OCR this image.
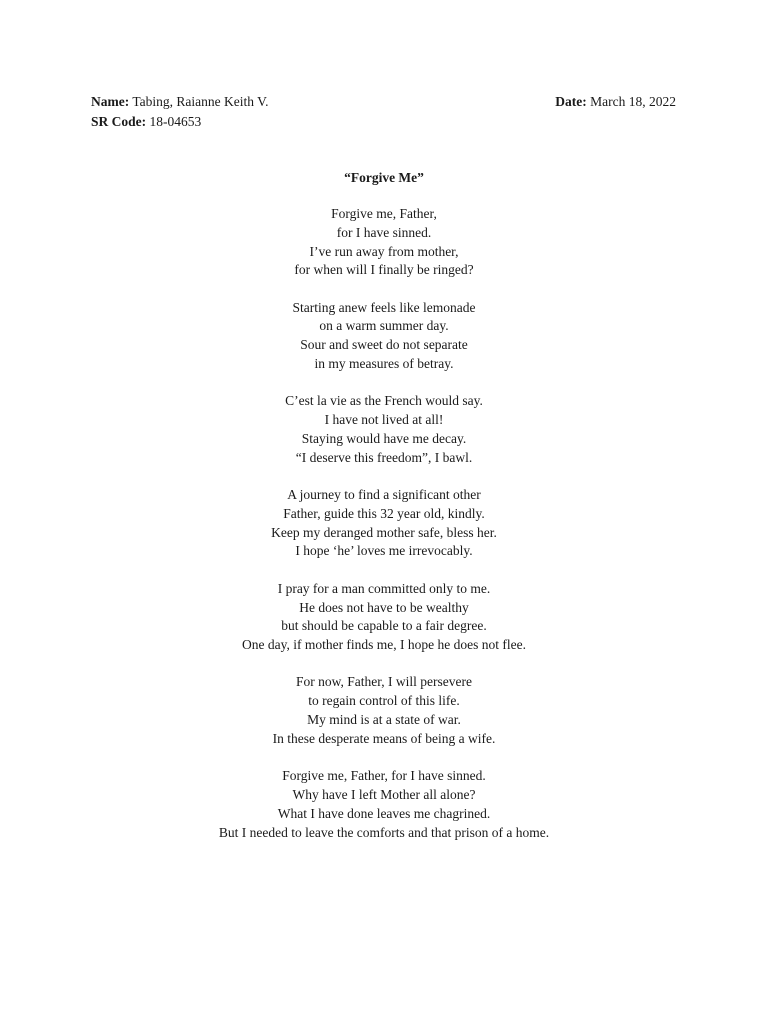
Name: Tabing, Raianne Keith V.
SR Code: 18-04653
Date: March 18, 2022
“Forgive Me”
Forgive me, Father,
for I have sinned.
I’ve run away from mother,
for when will I finally be ringed?
Starting anew feels like lemonade
on a warm summer day.
Sour and sweet do not separate
in my measures of betray.
C’est la vie as the French would say.
I have not lived at all!
Staying would have me decay.
“I deserve this freedom”, I bawl.
A journey to find a significant other
Father, guide this 32 year old, kindly.
Keep my deranged mother safe, bless her.
I hope ‘he’ loves me irrevocably.
I pray for a man committed only to me.
He does not have to be wealthy
but should be capable to a fair degree.
One day, if mother finds me, I hope he does not flee.
For now, Father, I will persevere
to regain control of this life.
My mind is at a state of war.
In these desperate means of being a wife.
Forgive me, Father, for I have sinned.
Why have I left Mother all alone?
What I have done leaves me chagrined.
But I needed to leave the comforts and that prison of a home.
